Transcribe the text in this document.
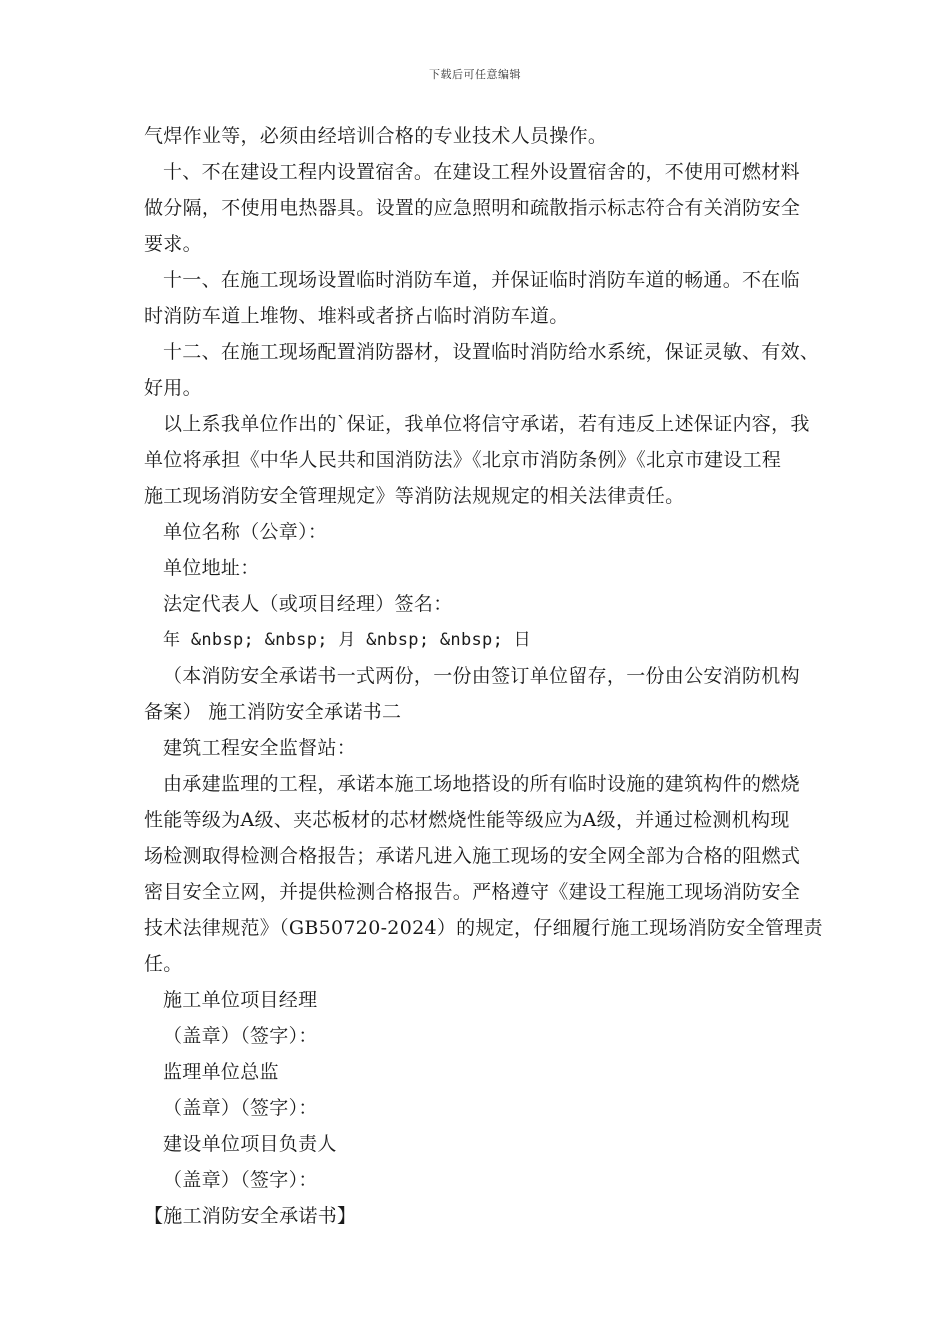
下载后可任意编辑
气焊作业等，必须由经培训合格的专业技术人员操作。
十、不在建设工程内设置宿舍。在建设工程外设置宿舍的，不使用可燃材料
做分隔，不使用电热器具。设置的应急照明和疏散指示标志符合有关消防安全
要求。
十一、在施工现场设置临时消防车道，并保证临时消防车道的畅通。不在临
时消防车道上堆物、堆料或者挤占临时消防车道。
十二、在施工现场配置消防器材，设置临时消防给水系统，保证灵敏、有效、
好用。
以上系我单位作出的`保证，我单位将信守承诺，若有违反上述保证内容，我
单位将承担《中华人民共和国消防法》《北京市消防条例》《北京市建设工程
施工现场消防安全管理规定》等消防法规规定的相关法律责任。
单位名称（公章）：
单位地址：
法定代表人（或项目经理）签名：
年 &nbsp; &nbsp; 月 &nbsp; &nbsp; 日
（本消防安全承诺书一式两份，一份由签订单位留存，一份由公安消防机构
备案） 施工消防安全承诺书二
建筑工程安全监督站：
由承建监理的工程，承诺本施工场地搭设的所有临时设施的建筑构件的燃烧
性能等级为A级、夹芯板材的芯材燃烧性能等级应为A级，并通过检测机构现
场检测取得检测合格报告；承诺凡进入施工现场的安全网全部为合格的阻燃式
密目安全立网，并提供检测合格报告。严格遵守《建设工程施工现场消防安全
技术法律规范》（GB50720-2024）的规定，仔细履行施工现场消防安全管理责
任。
施工单位项目经理
（盖章）（签字）：
监理单位总监
（盖章）（签字）：
建设单位项目负责人
（盖章）（签字）：
【施工消防安全承诺书】
